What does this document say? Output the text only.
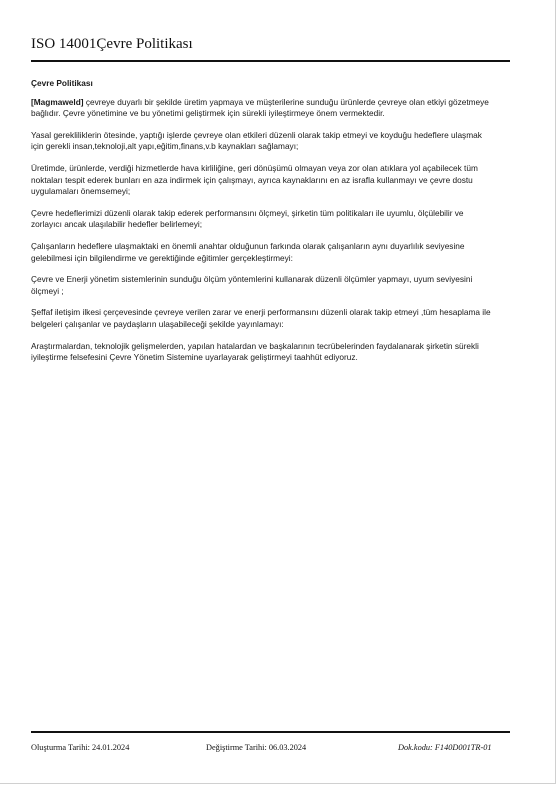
ISO 14001Çevre Politikası

Çevre Politikası

[Magmaweld] çevreye duyarlı bir şekilde üretim yapmaya ve müşterilerine sunduğu ürünlerde çevreye olan etkiyi gözetmeye bağlıdır. Çevre yönetimine ve bu yönetimi geliştirmek için sürekli iyileştirmeye önem vermektedir.

Yasal gerekliliklerin ötesinde, yaptığı işlerde çevreye olan etkileri düzenli olarak takip etmeyi ve koyduğu hedeflere ulaşmak için gerekli insan,teknoloji,alt yapı,eğitim,finans,v.b kaynakları sağlamayı;

Üretimde, ürünlerde, verdiği hizmetlerde hava kirliliğine, geri dönüşümü olmayan veya zor olan atıklara yol açabilecek tüm noktaları tespit ederek bunları en aza indirmek için çalışmayı, ayrıca kaynaklarını en az israfla kullanmayı ve çevre dostu uygulamaları önemsemeyi;

Çevre hedeflerimizi düzenli olarak takip ederek performansını ölçmeyi, şirketin tüm politikaları ile uyumlu, ölçülebilir ve zorlayıcı ancak ulaşılabilir hedefler belirlemeyi;

Çalışanların hedeflere ulaşmaktaki en önemli anahtar olduğunun farkında olarak çalışanların aynı duyarlılık seviyesine gelebilmesi için bilgilendirme ve gerektiğinde eğitimler gerçekleştirmeyi:

Çevre ve Enerji yönetim sistemlerinin sunduğu ölçüm yöntemlerini kullanarak düzenli ölçümler yapmayı, uyum seviyesini ölçmeyi ;

Şeffaf iletişim ilkesi çerçevesinde çevreye verilen zarar ve enerji performansını düzenli olarak takip etmeyi ,tüm hesaplama ile belgeleri çalışanlar ve paydaşların ulaşabileceği şekilde yayınlamayı:

Araştırmalardan, teknolojik gelişmelerden, yapılan hatalardan ve başkalarının tecrübelerinden faydalanarak şirketin sürekli iyileştirme felsefesini Çevre Yönetim Sistemine uyarlayarak geliştirmeyi taahhüt ediyoruz.

Oluşturma Tarihi: 24.01.2024	Değiştirme Tarihi: 06.03.2024	Dok.kodu: F140D001TR-01
